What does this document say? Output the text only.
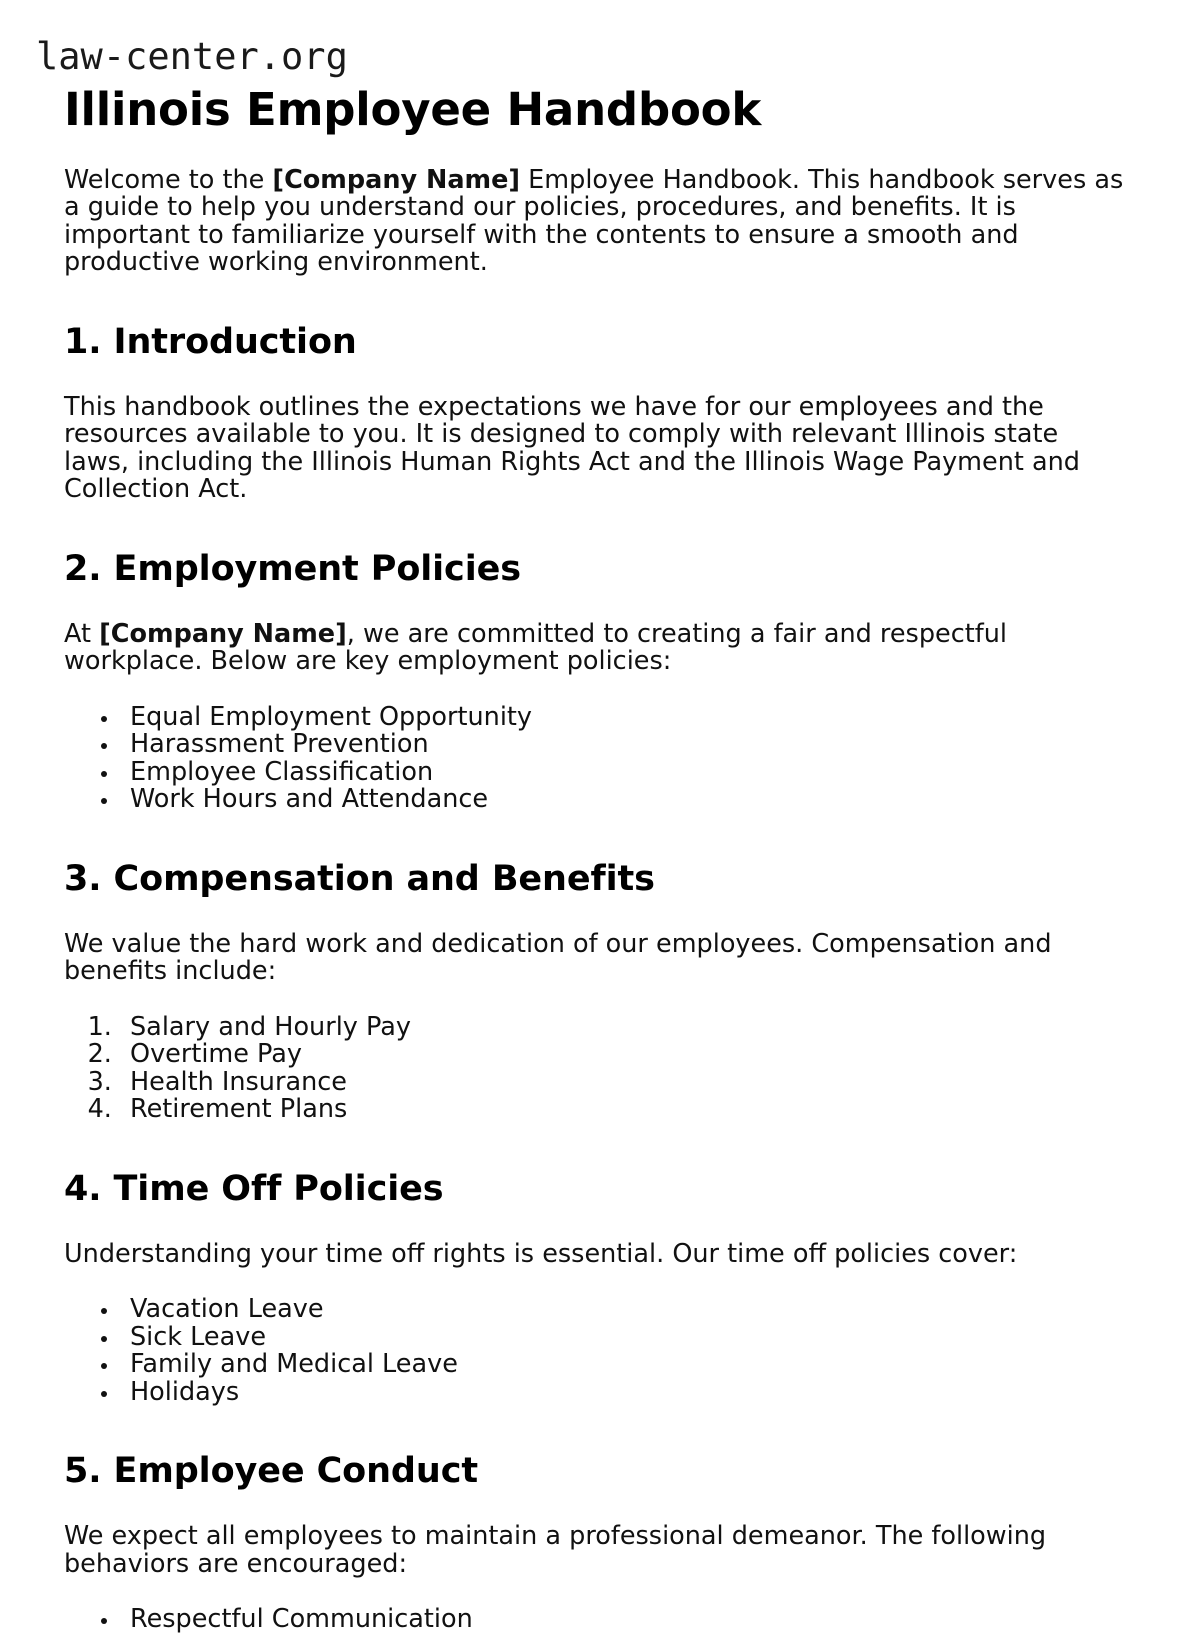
law-center.org
Illinois Employee Handbook

Welcome to the [Company Name] Employee Handbook. This handbook serves as a guide to help you understand our policies, procedures, and benefits. It is important to familiarize yourself with the contents to ensure a smooth and productive working environment.

1. Introduction

This handbook outlines the expectations we have for our employees and the resources available to you. It is designed to comply with relevant Illinois state laws, including the Illinois Human Rights Act and the Illinois Wage Payment and Collection Act.

2. Employment Policies

At [Company Name], we are committed to creating a fair and respectful workplace. Below are key employment policies:

• Equal Employment Opportunity
• Harassment Prevention
• Employee Classification
• Work Hours and Attendance
3. Compensation and Benefits

We value the hard work and dedication of our employees. Compensation and benefits include:

1. Salary and Hourly Pay
2. Overtime Pay
3. Health Insurance
4. Retirement Plans
4. Time Off Policies

Understanding your time off rights is essential. Our time off policies cover:

• Vacation Leave
• Sick Leave
• Family and Medical Leave
• Holidays
5. Employee Conduct

We expect all employees to maintain a professional demeanor. The following behaviors are encouraged:

• Respectful Communication
